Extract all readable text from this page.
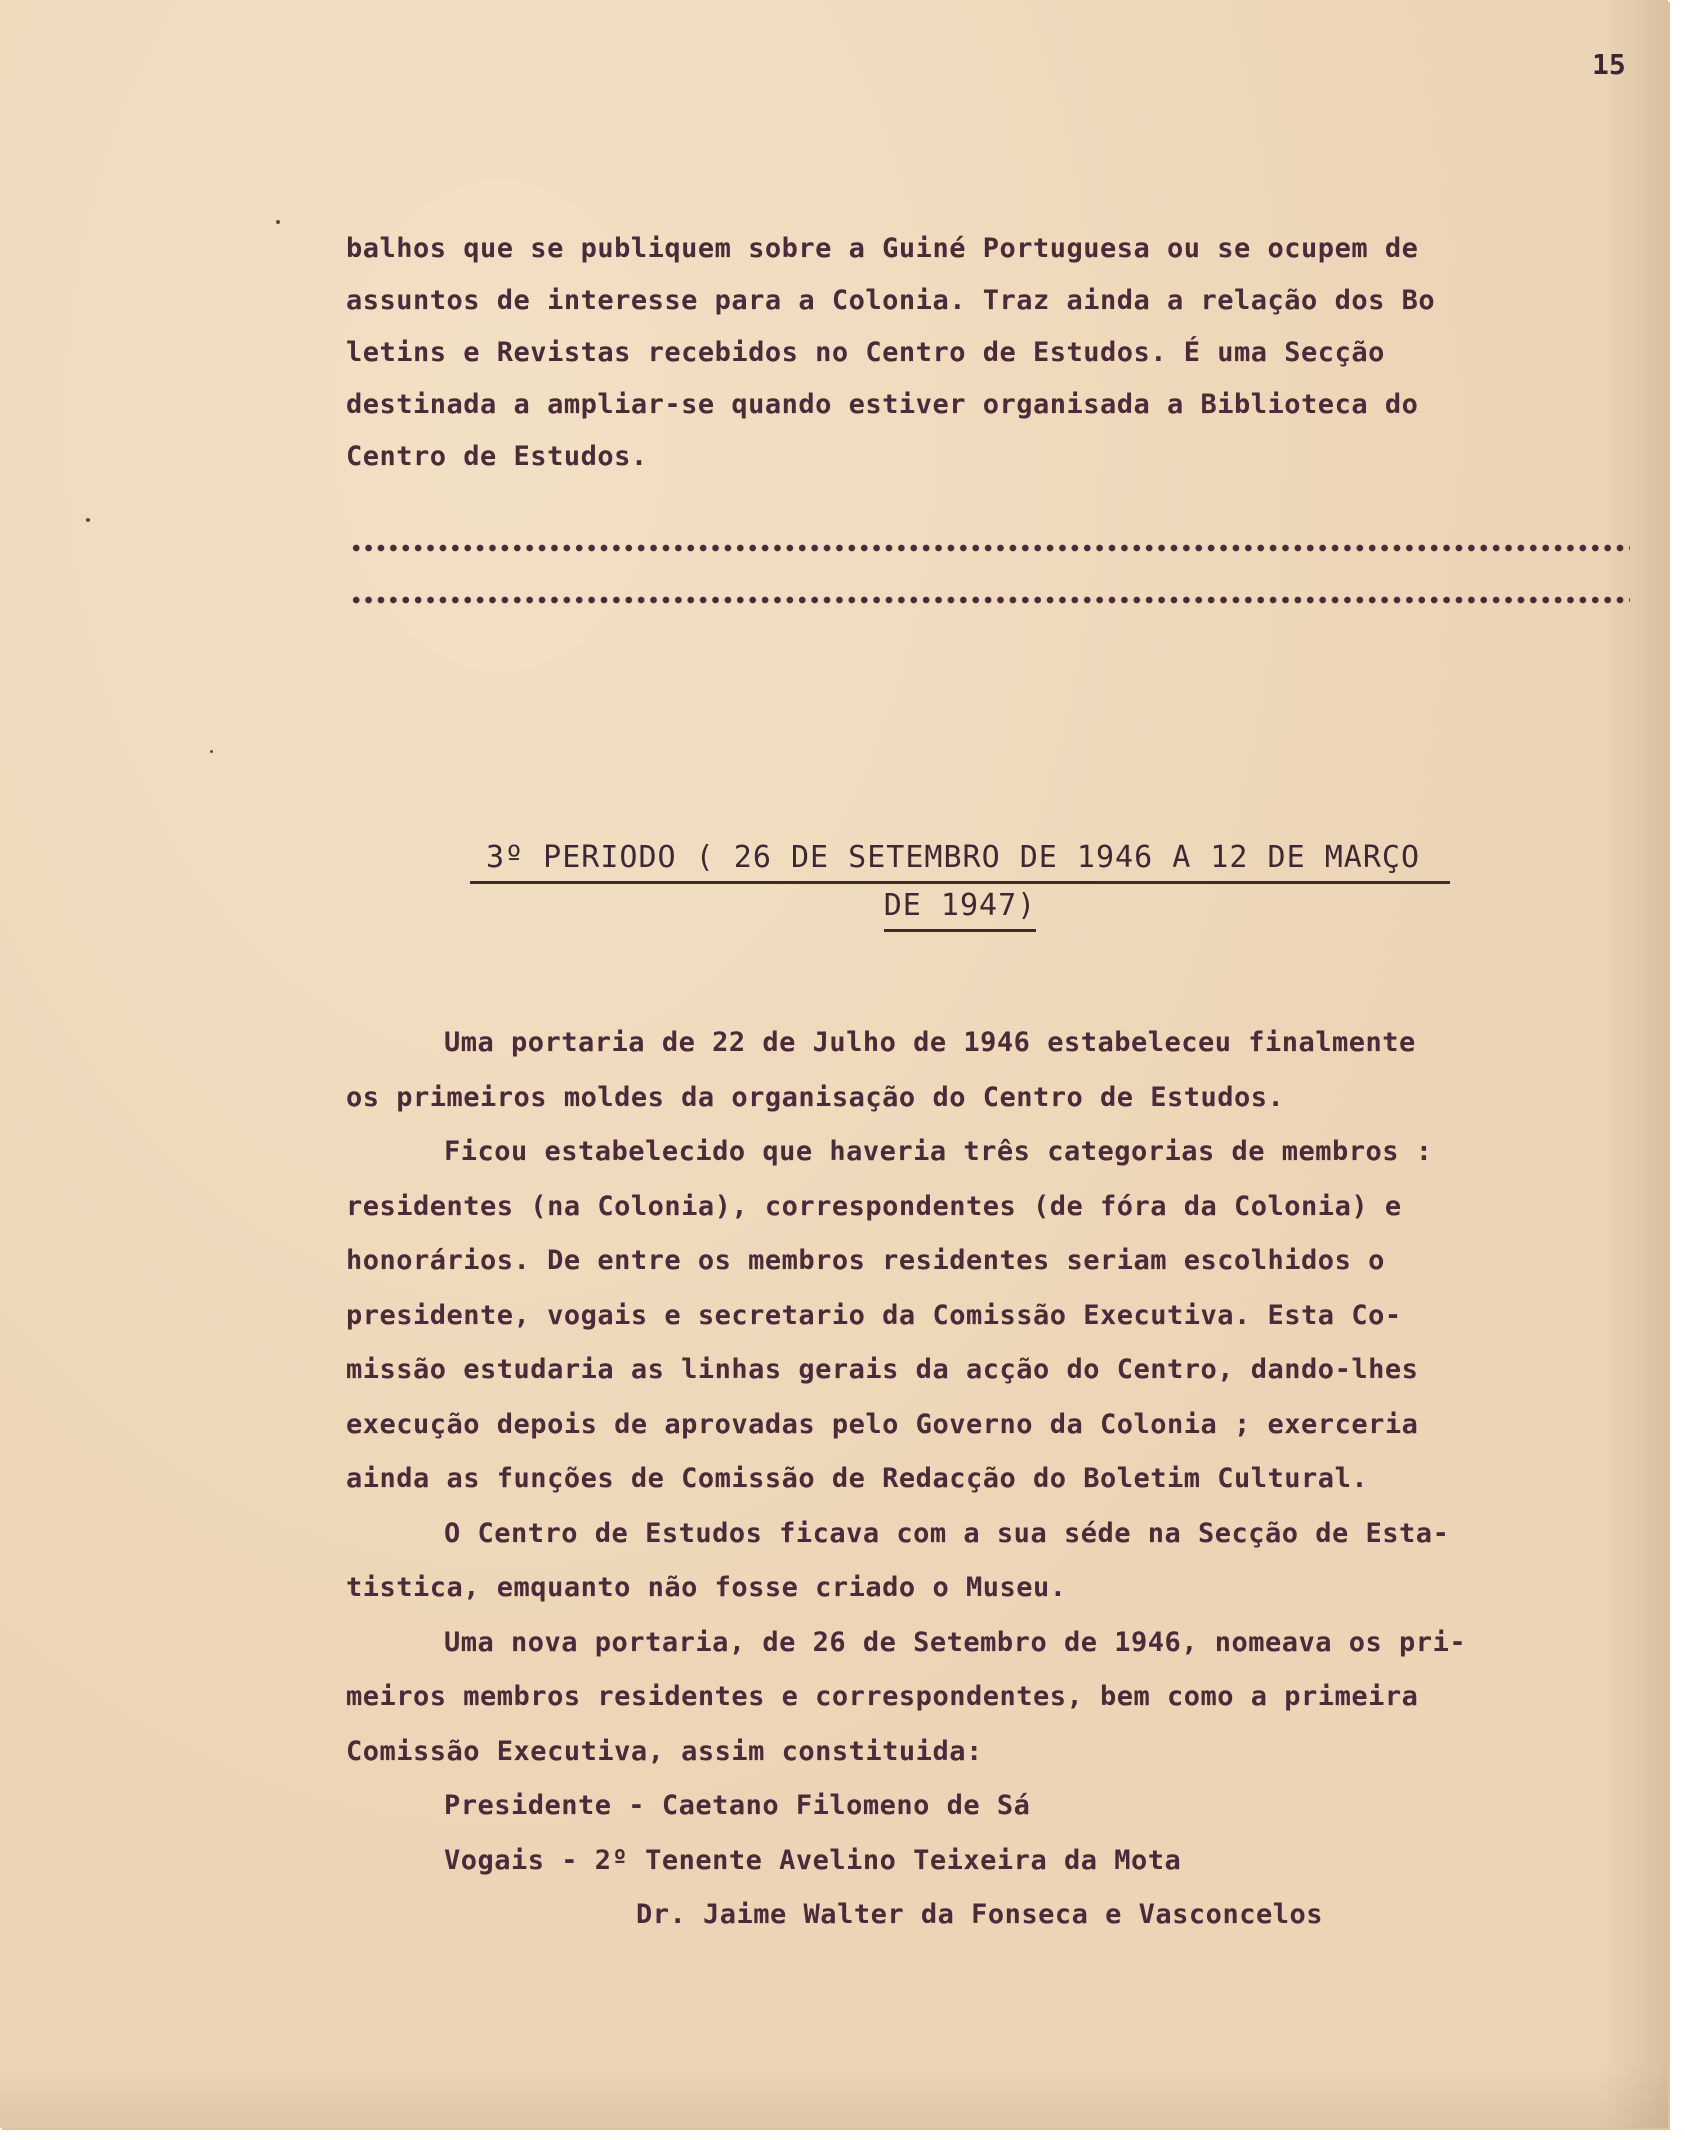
15
balhos que se publiquem sobre a Guiné Portuguesa ou se ocupem de
assuntos de interesse para a Colonia. Traz ainda a relação dos Bo
letins e Revistas recebidos no Centro de Estudos. É uma Secção
destinada a ampliar-se quando estiver organisada a Biblioteca do
Centro de Estudos.
3º PERIODO ( 26 DE SETEMBRO DE 1946 A 12 DE MARÇO
DE 1947)
Uma portaria de 22 de Julho de 1946 estabeleceu finalmente
os primeiros moldes da organisação do Centro de Estudos.
Ficou estabelecido que haveria três categorias de membros :
residentes (na Colonia), correspondentes (de fóra da Colonia) e
honorários. De entre os membros residentes seriam escolhidos o
presidente, vogais e secretario da Comissão Executiva. Esta Co-
missão estudaria as linhas gerais da acção do Centro, dando-lhes
execução depois de aprovadas pelo Governo da Colonia ; exerceria
ainda as funções de Comissão de Redacção do Boletim Cultural.
O Centro de Estudos ficava com a sua séde na Secção de Esta-
tistica, emquanto não fosse criado o Museu.
Uma nova portaria, de 26 de Setembro de 1946, nomeava os pri-
meiros membros residentes e correspondentes, bem como a primeira
Comissão Executiva, assim constituida:
Presidente - Caetano Filomeno de Sá
Vogais - 2º Tenente Avelino Teixeira da Mota
Dr. Jaime Walter da Fonseca e Vasconcelos
